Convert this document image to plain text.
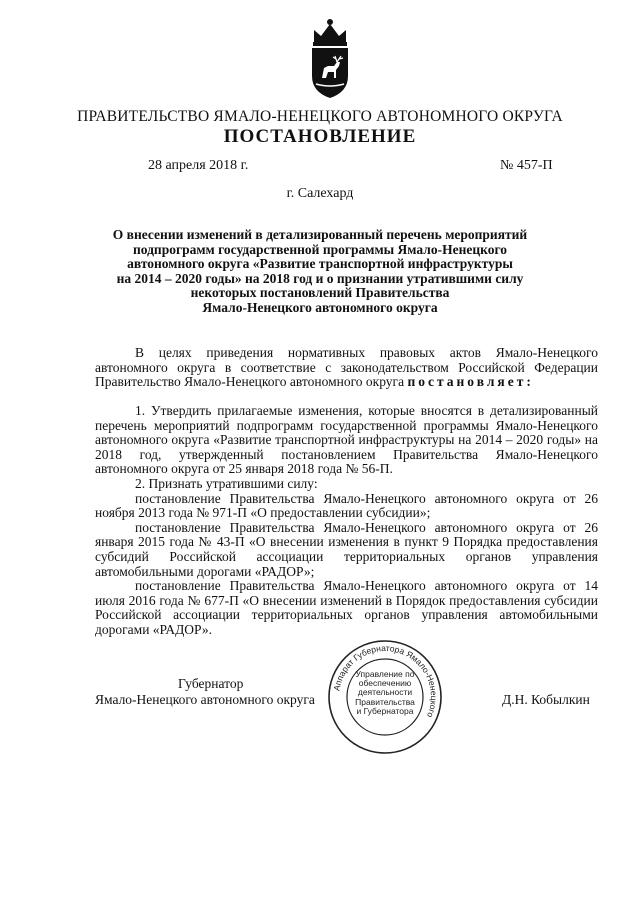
ПРАВИТЕЛЬСТВО ЯМАЛО-НЕНЕЦКОГО АВТОНОМНОГО ОКРУГА
ПОСТАНОВЛЕНИЕ
28 апреля 2018 г.	№ 457-П
г. Салехард
О внесении изменений в детализированный перечень мероприятий
подпрограмм государственной программы Ямало-Ненецкого
автономного округа «Развитие транспортной инфраструктуры
на 2014 – 2020 годы» на 2018 год и о признании утратившими силу
некоторых постановлений Правительства
Ямало-Ненецкого автономного округа

В целях приведения нормативных правовых актов Ямало-Ненецкого автономного округа в соответствие с законодательством Российской Федерации Правительство Ямало-Ненецкого автономного округа постановляет:

1. Утвердить прилагаемые изменения, которые вносятся в детализированный перечень мероприятий подпрограмм государственной программы Ямало-Ненецкого автономного округа «Развитие транспортной инфраструктуры на 2014 – 2020 годы» на 2018 год, утвержденный постановлением Правительства Ямало-Ненецкого автономного округа от 25 января 2018 года № 56-П.

2. Признать утратившими силу:

постановление Правительства Ямало-Ненецкого автономного округа от 26 ноября 2013 года № 971-П «О предоставлении субсидии»;

постановление Правительства Ямало-Ненецкого автономного округа от 26 января 2015 года № 43-П «О внесении изменения в пункт 9 Порядка предоставления субсидий Российской ассоциации территориальных органов управления автомобильными дорогами «РАДОР»;

постановление Правительства Ямало-Ненецкого автономного округа от 14 июля 2016 года № 677-П «О внесении изменений в Порядок предоставления субсидии Российской ассоциации территориальных органов управления автомобильными дорогами «РАДОР».

Губернатор
Ямало-Ненецкого автономного округа	Д.Н. Кобылкин
Аппарат Губернатора Ямало-Ненецкого
Управление по
обеспечению
деятельности
Правительства
и Губернатора
